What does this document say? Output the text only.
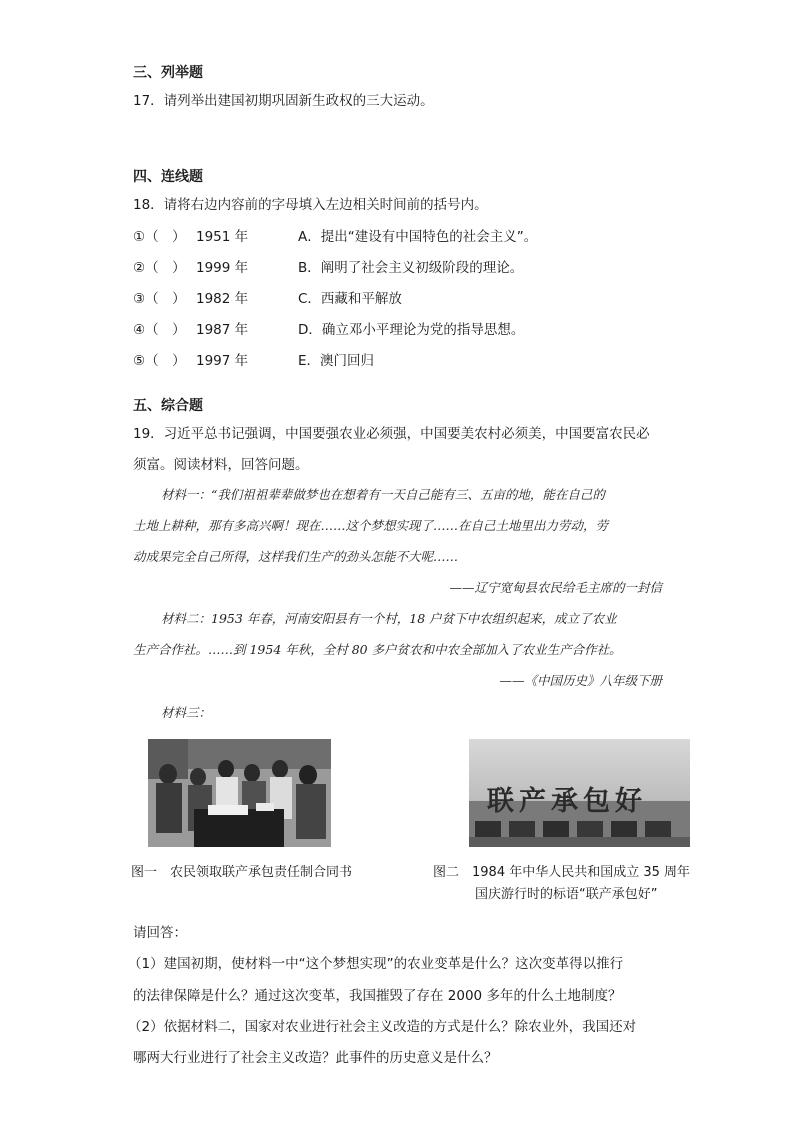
三、列举题
17．请列举出建国初期巩固新生政权的三大运动。
四、连线题
18．请将右边内容前的字母填入左边相关时间前的括号内。
①（　） 1951 年	A．提出“建设有中国特色的社会主义”。
②（　） 1999 年	B．阐明了社会主义初级阶段的理论。
③（　） 1982 年	C．西藏和平解放
④（　） 1987 年	D．确立邓小平理论为党的指导思想。
⑤（　） 1997 年	E．澳门回归
五、综合题
19．习近平总书记强调，中国要强农业必须强，中国要美农村必须美，中国要富农民必
须富。阅读材料，回答问题。
材料一：“我们祖祖辈辈做梦也在想着有一天自己能有三、五亩的地，能在自己的
土地上耕种，那有多高兴啊！现在……这个梦想实现了……在自己土地里出力劳动，劳
动成果完全自己所得，这样我们生产的劲头怎能不大呢……
——辽宁宽甸县农民给毛主席的一封信
材料二：1953 年春，河南安阳县有一个村，18 户贫下中农组织起来，成立了农业
生产合作社。……到 1954 年秋，全村 80 多户贫农和中农全部加入了农业生产合作社。
——《中国历史》八年级下册
材料三：
联产承包好
图一　农民领取联产承包责任制合同书	图二　1984 年中华人民共和国成立 35 周年
国庆游行时的标语“联产承包好”
请回答：
（1）建国初期，使材料一中“这个梦想实现”的农业变革是什么？这次变革得以推行
的法律保障是什么？通过这次变革，我国摧毁了存在 2000 多年的什么土地制度？
（2）依据材料二，国家对农业进行社会主义改造的方式是什么？除农业外，我国还对
哪两大行业进行了社会主义改造？此事件的历史意义是什么？
